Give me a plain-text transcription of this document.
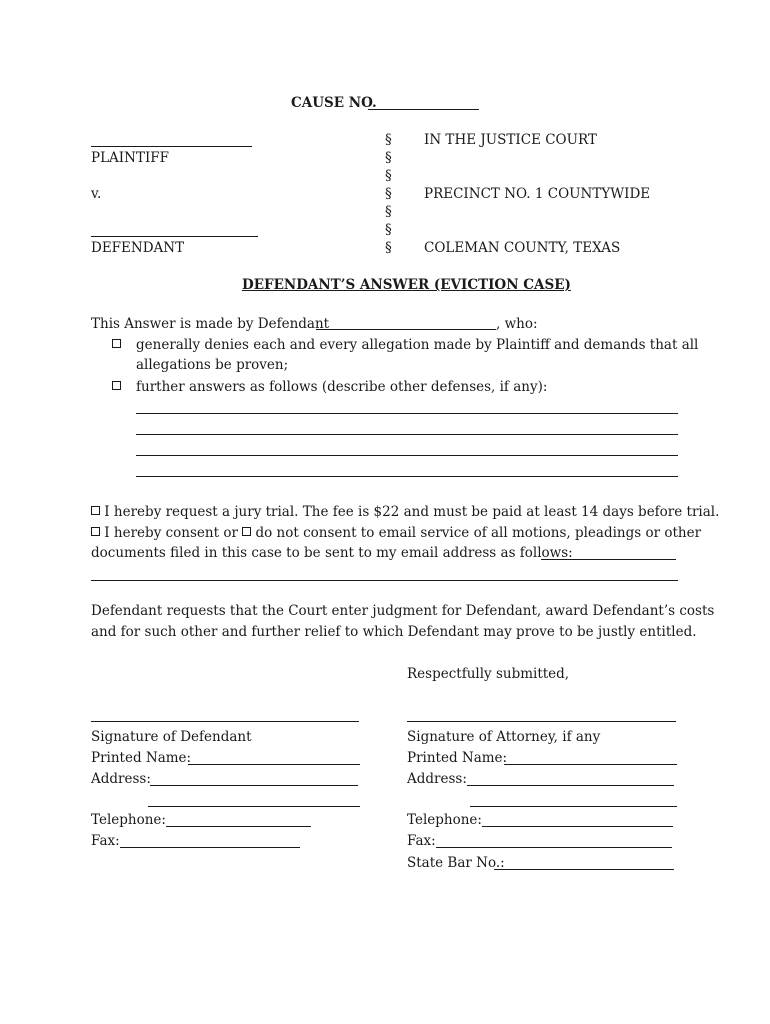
CAUSE NO.
PLAINTIFF
v.
DEFENDANT
§
§
§
§
§
§
§
IN THE JUSTICE COURT
PRECINCT NO. 1 COUNTYWIDE
COLEMAN COUNTY, TEXAS
DEFENDANT’S ANSWER (EVICTION CASE)
This Answer is made by Defendant	, who:
generally denies each and every allegation made by Plaintiff and demands that all
allegations be proven;
further answers as follows (describe other defenses, if any):
I hereby request a jury trial. The fee is $22 and must be paid at least 14 days before trial.
I hereby consent or do not consent to email service of all motions, pleadings or other
documents filed in this case to be sent to my email address as follows:
Defendant requests that the Court enter judgment for Defendant, award Defendant’s costs
and for such other and further relief to which Defendant may prove to be justly entitled.
Respectfully submitted,
Signature of Defendant
Printed Name:
Address:
Telephone:
Fax:
Signature of Attorney, if any
Printed Name:
Address:
Telephone:
Fax:
State Bar No.:
